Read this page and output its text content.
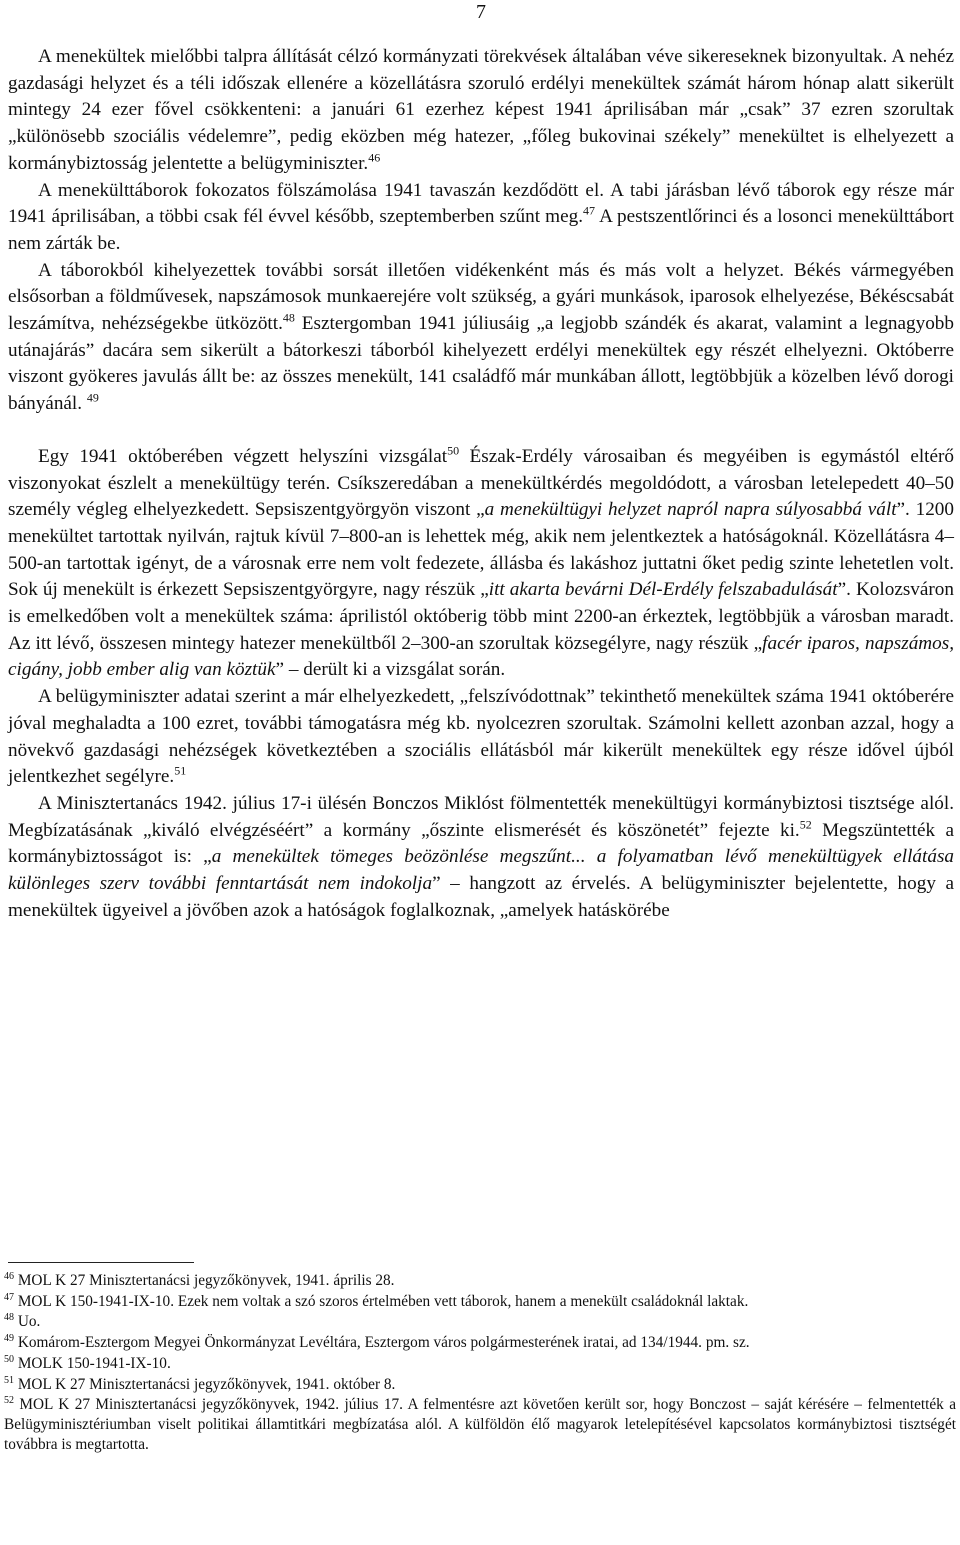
7

A menekültek mielőbbi talpra állítását célzó kormányzati törekvések általában véve sikereseknek bizonyultak. A nehéz gazdasági helyzet és a téli időszak ellenére a közellátásra szoruló erdélyi menekültek számát három hónap alatt sikerült mintegy 24 ezer fővel csökkenteni: a januári 61 ezerhez képest 1941 áprilisában már „csak” 37 ezren szorultak „különösebb szociális védelemre”, pedig eközben még hatezer, „főleg bukovinai székely” menekültet is elhelyezett a kormánybiztosság jelentette a belügyminiszter.$^{46}$

A menekülttáborok fokozatos fölszámolása 1941 tavaszán kezdődött el. A tabi járásban lévő táborok egy része már 1941 áprilisában, a többi csak fél évvel később, szeptemberben szűnt meg.$^{47}$ A pestszentlőrinci és a losonci menekülttábort nem zárták be.

A táborokból kihelyezettek további sorsát illetően vidékenként más és más volt a helyzet. Békés vármegyében elsősorban a földművesek, napszámosok munkaerejére volt szükség, a gyári munkások, iparosok elhelyezése, Békéscsabát leszámítva, nehézségekbe ütközött.$^{48}$ Esztergomban 1941 júliusáig „a legjobb szándék és akarat, valamint a legnagyobb utánajárás” dacára sem sikerült a bátorkeszi táborból kihelyezett erdélyi menekültek egy részét elhelyezni. Októberre viszont gyökeres javulás állt be: az összes menekült, 141 családfő már munkában állott, legtöbbjük a közelben lévő dorogi bányánál. $^{49}$

Egy 1941 októberében végzett helyszíni vizsgálat$^{50}$ Észak-Erdély városaiban és megyéiben is egymástól eltérő viszonyokat észlelt a menekültügy terén. Csíkszeredában a menekültkérdés megoldódott, a városban letelepedett 40–50 személy végleg elhelyezkedett. Sepsiszentgyörgyön viszont „a menekültügyi helyzet napról napra súlyosabbá vált”. 1200 menekültet tartottak nyilván, rajtuk kívül 7–800-an is lehettek még, akik nem jelentkeztek a hatóságoknál. Közellátásra 4–500-an tartottak igényt, de a városnak erre nem volt fedezete, állásba és lakáshoz juttatni őket pedig szinte lehetetlen volt. Sok új menekült is érkezett Sepsiszentgyörgyre, nagy részük „itt akarta bevárni Dél-Erdély felszabadulását”. Kolozsváron is emelkedőben volt a menekültek száma: áprilistól októberig több mint 2200-an érkeztek, legtöbbjük a városban maradt. Az itt lévő, összesen mintegy hatezer menekültből 2–300-an szorultak közsegélyre, nagy részük „facér iparos, napszámos, cigány, jobb ember alig van köztük” – derült ki a vizsgálat során.

A belügyminiszter adatai szerint a már elhelyezkedett, „felszívódottnak” tekinthető menekültek száma 1941 októberére jóval meghaladta a 100 ezret, további támogatásra még kb. nyolcezren szorultak. Számolni kellett azonban azzal, hogy a növekvő gazdasági nehézségek következtében a szociális ellátásból már kikerült menekültek egy része idővel újból jelentkezhet segélyre.$^{51}$

A Minisztertanács 1942. július 17-i ülésén Bonczos Miklóst fölmentették menekültügyi kormánybiztosi tisztsége alól. Megbízatásának „kiváló elvégzéséért” a kormány „őszinte elismerését és köszönetét” fejezte ki.$^{52}$ Megszüntették a kormánybiztosságot is: „a menekültek tömeges beözönlése megszűnt... a folyamatban lévő menekültügyek ellátása különleges szerv további fenntartását nem indokolja” – hangzott az érvelés. A belügyminiszter bejelentette, hogy a menekültek ügyeivel a jövőben azok a hatóságok foglalkoznak, „amelyek hatáskörébe

$^{46}$ MOL K 27 Minisztertanácsi jegyzőkönyvek, 1941. április 28.

$^{47}$ MOL K 150-1941-IX-10. Ezek nem voltak a szó szoros értelmében vett táborok, hanem a menekült családoknál laktak.

$^{48}$ Uo.

$^{49}$ Komárom-Esztergom Megyei Önkormányzat Levéltára, Esztergom város polgármesterének iratai, ad 134/1944. pm. sz.

$^{50}$ MOLK 150-1941-IX-10.

$^{51}$ MOL K 27 Minisztertanácsi jegyzőkönyvek, 1941. október 8.

$^{52}$ MOL K 27 Minisztertanácsi jegyzőkönyvek, 1942. július 17. A felmentésre azt követően került sor, hogy Bonczost – saját kérésére – felmentették a Belügyminisztériumban viselt politikai államtitkári megbízatása alól. A külföldön élő magyarok letelepítésével kapcsolatos kormánybiztosi tisztségét továbbra is megtartotta.
